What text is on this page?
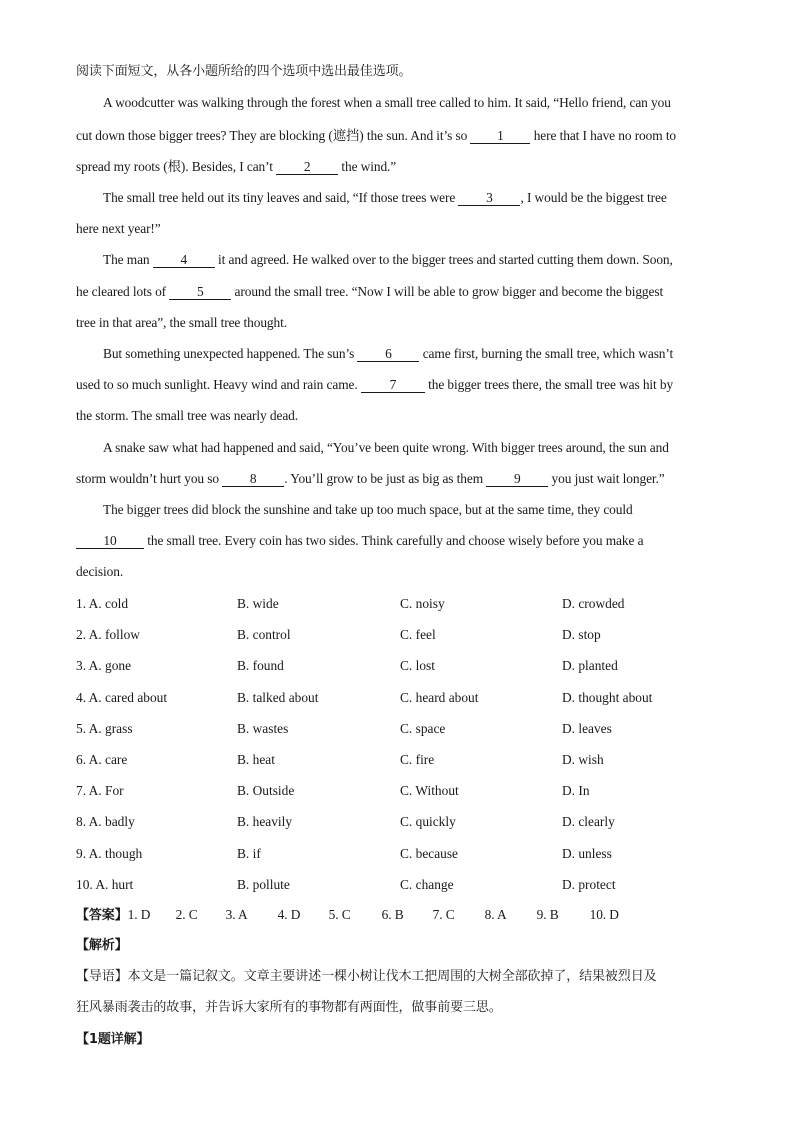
阅读下面短文，从各小题所给的四个选项中选出最佳选项。
A woodcutter was walking through the forest when a small tree called to him. It said, “Hello friend, can you
cut down those bigger trees? They are blocking (遮挡) the sun. And it’s so 1 here that I have no room to
spread my roots (根). Besides, I can’t 2 the wind.”
The small tree held out its tiny leaves and said, “If those trees were 3 , I would be the biggest tree
here next year!”
The man 4 it and agreed. He walked over to the bigger trees and started cutting them down. Soon,
he cleared lots of 5 around the small tree. “Now I will be able to grow bigger and become the biggest
tree in that area”, the small tree thought.
But something unexpected happened. The sun’s 6 came first, burning the small tree, which wasn’t
used to so much sunlight. Heavy wind and rain came. 7 the bigger trees there, the small tree was hit by
the storm. The small tree was nearly dead.
A snake saw what had happened and said, “You’ve been quite wrong. With bigger trees around, the sun and
storm wouldn’t hurt you so 8 . You’ll grow to be just as big as them 9 you just wait longer.”
The bigger trees did block the sunshine and take up too much space, but at the same time, they could
10 the small tree. Every coin has two sides. Think carefully and choose wisely before you make a
decision.
1. A. cold	B. wide	C. noisy	D. crowded
2. A. follow	B. control	C. feel	D. stop
3. A. gone	B. found	C. lost	D. planted
4. A. cared about	B. talked about	C. heard about	D. thought about
5. A. grass	B. wastes	C. space	D. leaves
6. A. care	B. heat	C. fire	D. wish
7. A. For	B. Outside	C. Without	D. In
8. A. badly	B. heavily	C. quickly	D. clearly
9. A. though	B. if	C. because	D. unless
10. A. hurt	B. pollute	C. change	D. protect
【答案】1. D 2. C 3. A 4. D 5. C 6. B 7. C 8. A 9. B 10. D
【解析】
【导语】本文是一篇记叙文。文章主要讲述一棵小树让伐木工把周围的大树全部砍掉了，结果被烈日及
狂风暴雨袭击的故事，并告诉大家所有的事物都有两面性，做事前要三思。
【1题详解】
